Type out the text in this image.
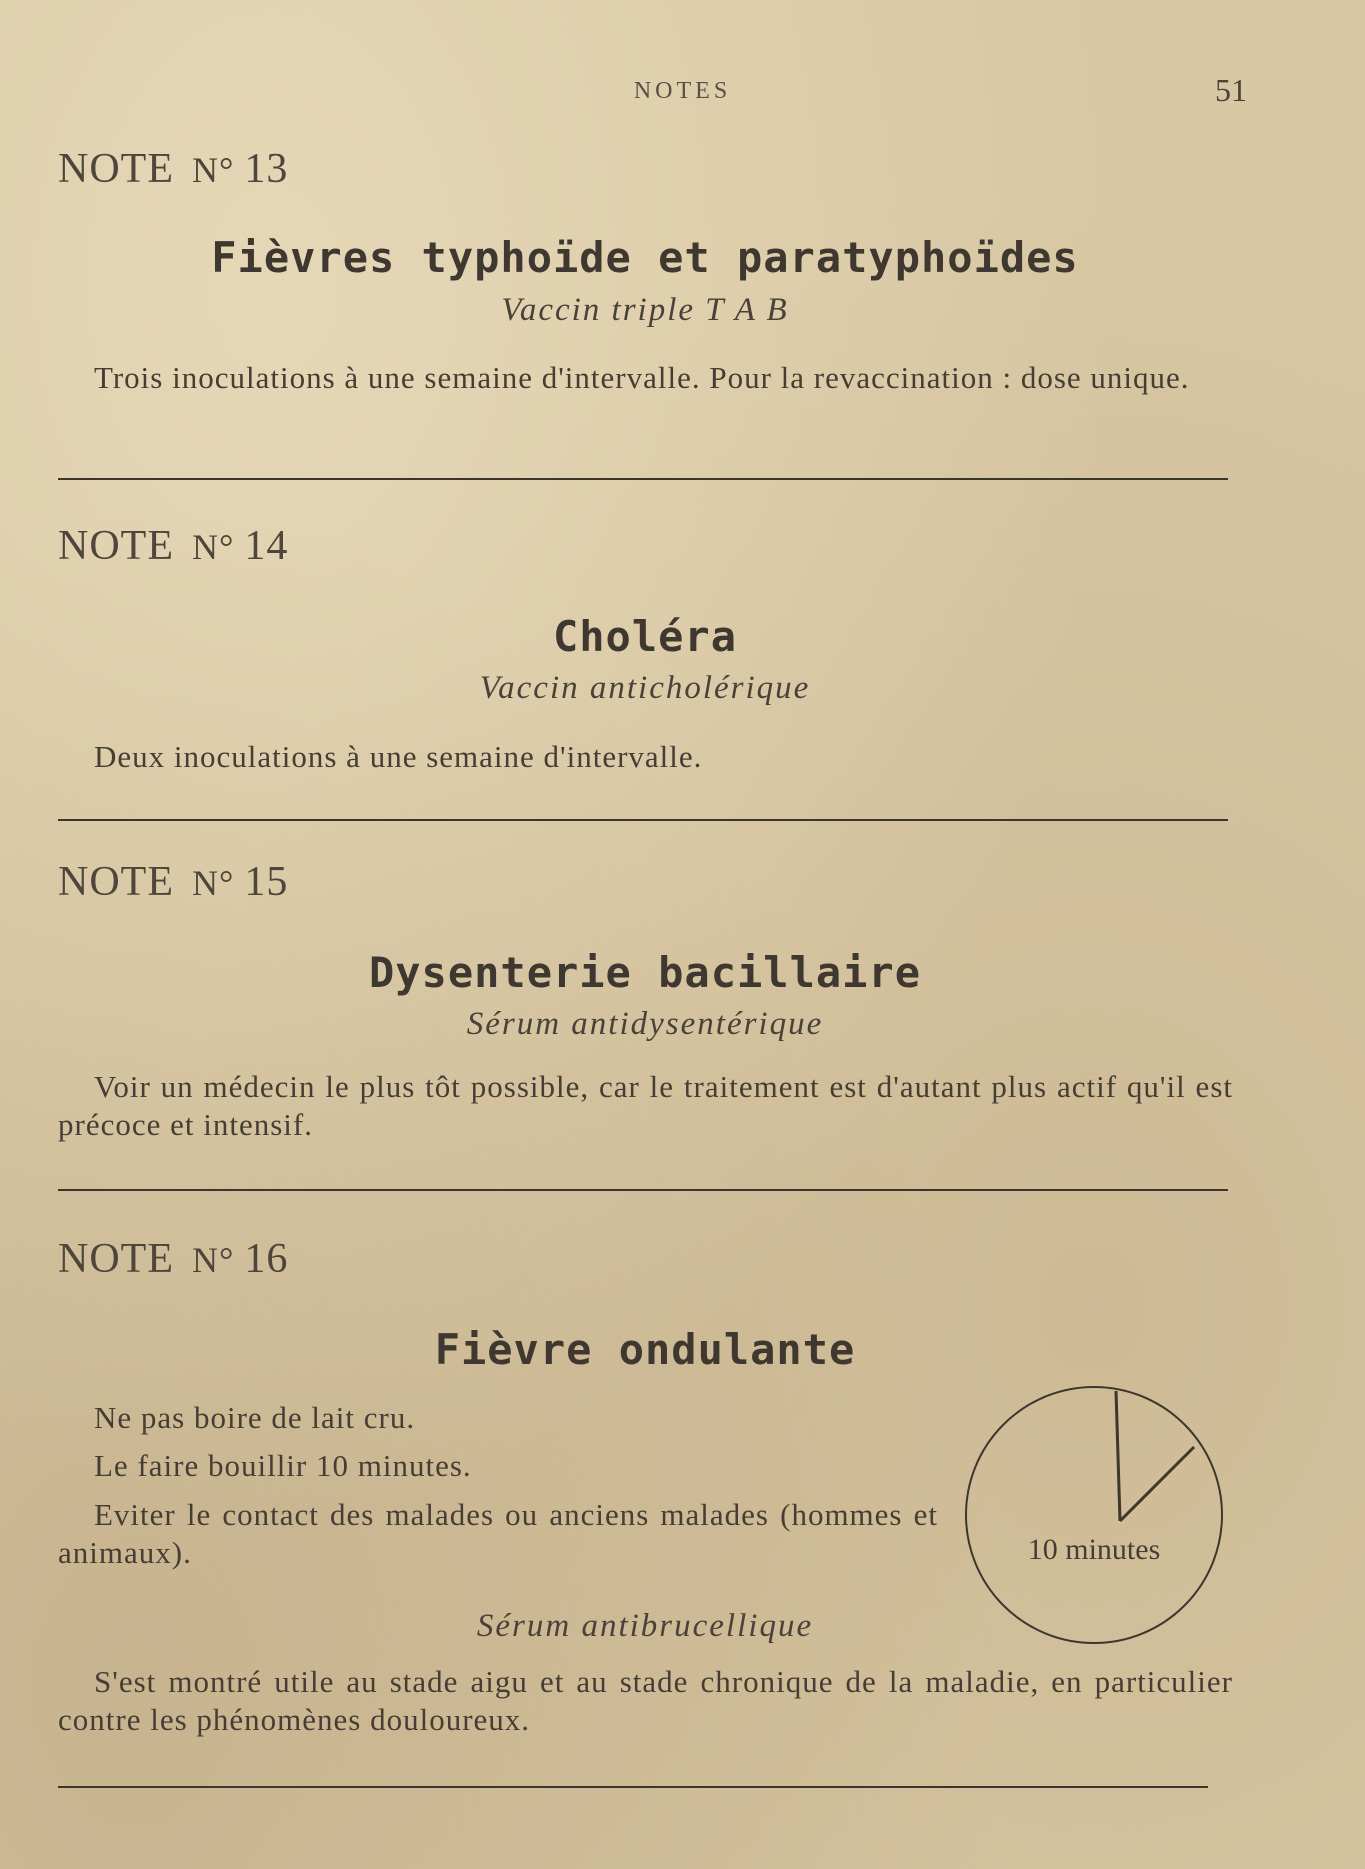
NOTES	51
NOTE N° 13
Fièvres typhoïde et paratyphoïdes
Vaccin triple T A B
Trois inoculations à une semaine d'intervalle. Pour la revaccination : dose unique.
NOTE N° 14
Choléra
Vaccin anticholérique
Deux inoculations à une semaine d'intervalle.
NOTE N° 15
Dysenterie bacillaire
Sérum antidysentérique
Voir un médecin le plus tôt possible, car le traitement est d'autant plus actif qu'il est précoce et intensif.
NOTE N° 16
Fièvre ondulante
Ne pas boire de lait cru.
Le faire bouillir 10 minutes.
Eviter le contact des malades ou anciens malades (hommes et animaux).	10 minutes
Sérum antibrucellique
S'est montré utile au stade aigu et au stade chronique de la maladie, en particulier contre les phénomènes douloureux.
